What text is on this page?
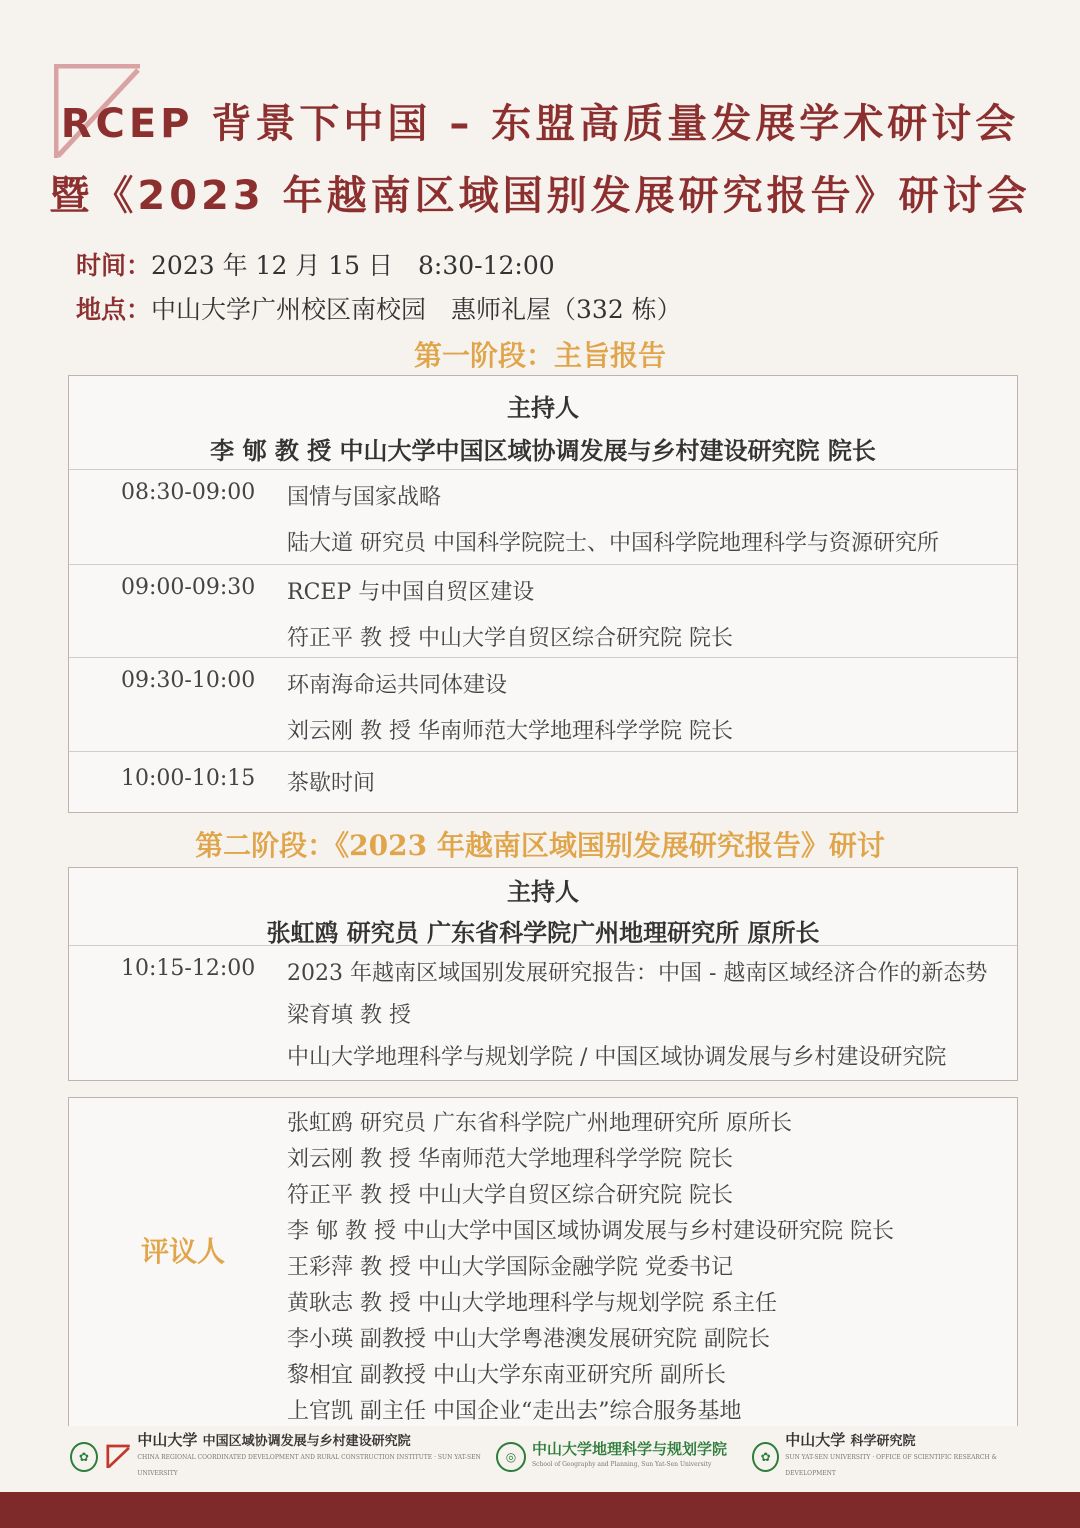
RCEP 背景下中国 – 东盟高质量发展学术研讨会
暨《2023 年越南区域国别发展研究报告》研讨会
时间：2023 年 12 月 15 日　8:30-12:00
地点：中山大学广州校区南校园　惠师礼屋（332 栋）
第一阶段：主旨报告
主持人
李 郇 教 授 中山大学中国区域协调发展与乡村建设研究院 院长
08:30-09:00 国情与国家战略
陆大道 研究员 中国科学院院士、中国科学院地理科学与资源研究所
09:00-09:30 RCEP 与中国自贸区建设
符正平 教 授 中山大学自贸区综合研究院 院长
09:30-10:00 环南海命运共同体建设
刘云刚 教 授 华南师范大学地理科学学院 院长
10:00-10:15 茶歇时间
第二阶段：《2023 年越南区域国别发展研究报告》研讨
主持人
张虹鸥 研究员 广东省科学院广州地理研究所 原所长
10:15-12:00 2023 年越南区域国别发展研究报告：中国 - 越南区域经济合作的新态势
梁育填 教 授
中山大学地理科学与规划学院 / 中国区域协调发展与乡村建设研究院
评议人
张虹鸥 研究员 广东省科学院广州地理研究所 原所长
刘云刚 教 授 华南师范大学地理科学学院 院长
符正平 教 授 中山大学自贸区综合研究院 院长
李 郇 教 授 中山大学中国区域协调发展与乡村建设研究院 院长
王彩萍 教 授 中山大学国际金融学院 党委书记
黄耿志 教 授 中山大学地理科学与规划学院 系主任
李小瑛 副教授 中山大学粤港澳发展研究院 副院长
黎相宜 副教授 中山大学东南亚研究所 副所长
上官凯 副主任 中国企业“走出去”综合服务基地
✿
中山大学 中国区域协调发展与乡村建设研究院
CHINA REGIONAL COORDINATED DEVELOPMENT AND RURAL CONSTRUCTION INSTITUTE · SUN YAT-SEN UNIVERSITY
◎	中山大学地理科学与规划学院
School of Geography and Planning, Sun Yat-Sen University
✿
中山大学 科学研究院
SUN YAT-SEN UNIVERSITY · OFFICE OF SCIENTIFIC RESEARCH & DEVELOPMENT
